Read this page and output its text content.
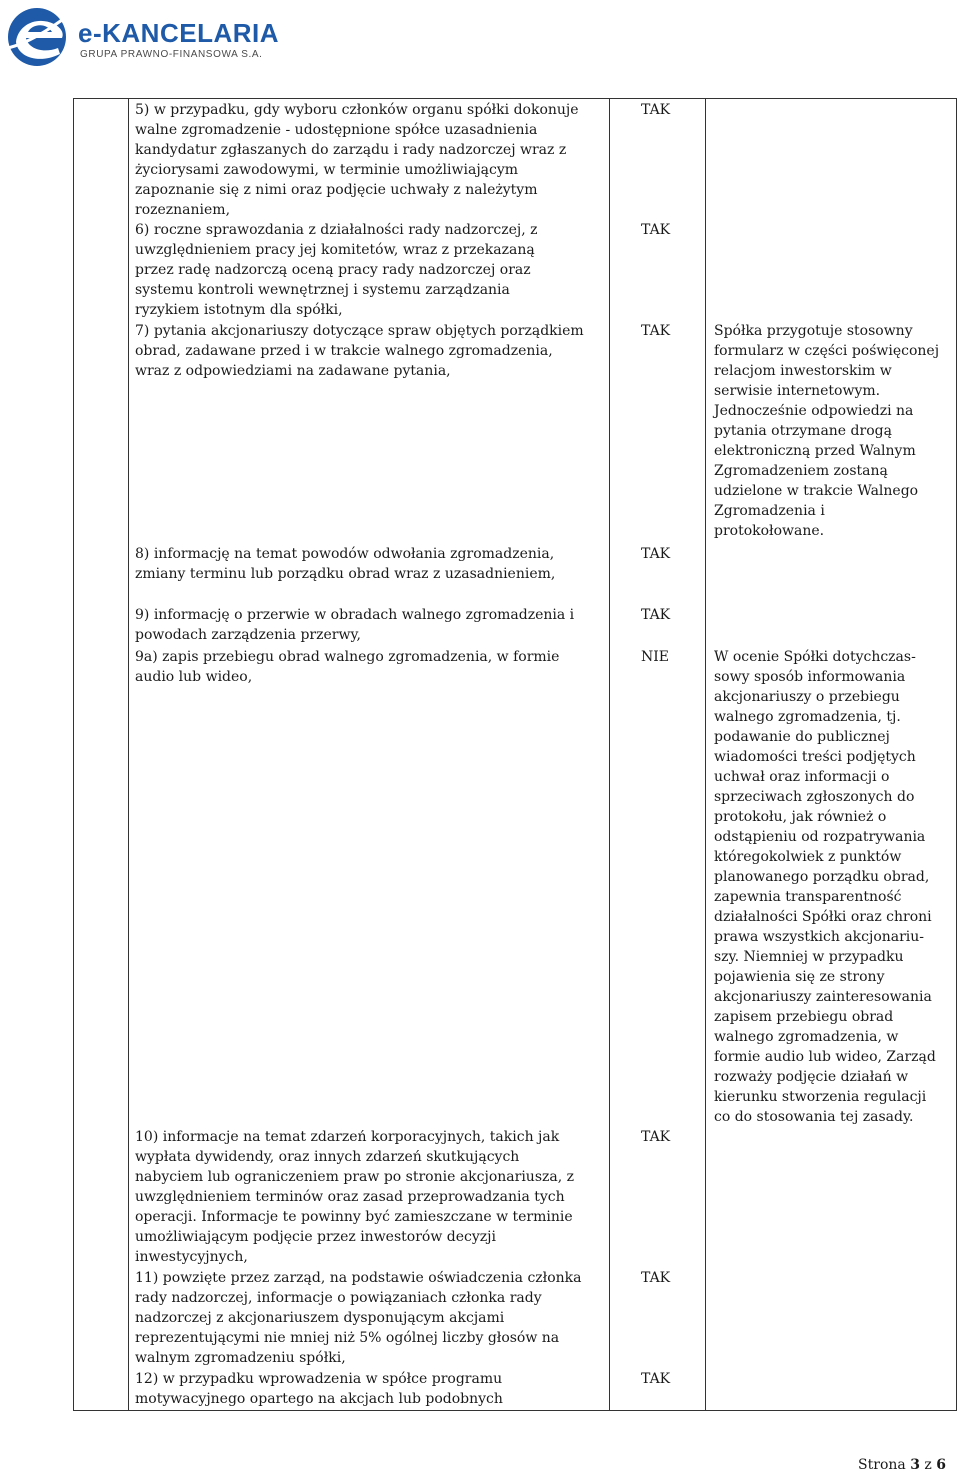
e-KANCELARIA
GRUPA PRAWNO-FINANSOWA S.A.
5) w przypadku, gdy wyboru członków organu spółki dokonuje
walne zgromadzenie - udostępnione spółce uzasadnienia
kandydatur zgłaszanych do zarządu i rady nadzorczej wraz z
życiorysami zawodowymi, w terminie umożliwiającym
zapoznanie się z nimi oraz podjęcie uchwały z należytym
rozeznaniem,
TAK
6) roczne sprawozdania z działalności rady nadzorczej, z
uwzględnieniem pracy jej komitetów, wraz z przekazaną
przez radę nadzorczą oceną pracy rady nadzorczej oraz
systemu kontroli wewnętrznej i systemu zarządzania
ryzykiem istotnym dla spółki,
TAK
7) pytania akcjonariuszy dotyczące spraw objętych porządkiem
obrad, zadawane przed i w trakcie walnego zgromadzenia,
wraz z odpowiedziami na zadawane pytania,
TAK	Spółka przygotuje stosowny
formularz w części poświęconej
relacjom inwestorskim w
serwisie internetowym.
Jednocześnie odpowiedzi na
pytania otrzymane drogą
elektroniczną przed Walnym
Zgromadzeniem zostaną
udzielone w trakcie Walnego
Zgromadzenia i
protokołowane.
8) informację na temat powodów odwołania zgromadzenia,
zmiany terminu lub porządku obrad wraz z uzasadnieniem,
TAK
9) informację o przerwie w obradach walnego zgromadzenia i
powodach zarządzenia przerwy,
TAK
9a) zapis przebiegu obrad walnego zgromadzenia, w formie
audio lub wideo,
NIE	W ocenie Spółki dotychczas-
sowy sposób informowania
akcjonariuszy o przebiegu
walnego zgromadzenia, tj.
podawanie do publicznej
wiadomości treści podjętych
uchwał oraz informacji o
sprzeciwach zgłoszonych do
protokołu, jak również o
odstąpieniu od rozpatrywania
któregokolwiek z punktów
planowanego porządku obrad,
zapewnia transparentność
działalności Spółki oraz chroni
prawa wszystkich akcjonariu-
szy. Niemniej w przypadku
pojawienia się ze strony
akcjonariuszy zainteresowania
zapisem przebiegu obrad
walnego zgromadzenia, w
formie audio lub wideo, Zarząd
rozważy podjęcie działań w
kierunku stworzenia regulacji
co do stosowania tej zasady.
10) informacje na temat zdarzeń korporacyjnych, takich jak
wypłata dywidendy, oraz innych zdarzeń skutkujących
nabyciem lub ograniczeniem praw po stronie akcjonariusza, z
uwzględnieniem terminów oraz zasad przeprowadzania tych
operacji. Informacje te powinny być zamieszczane w terminie
umożliwiającym podjęcie przez inwestorów decyzji
inwestycyjnych,
TAK
11) powzięte przez zarząd, na podstawie oświadczenia członka
rady nadzorczej, informacje o powiązaniach członka rady
nadzorczej z akcjonariuszem dysponującym akcjami
reprezentującymi nie mniej niż 5% ogólnej liczby głosów na
walnym zgromadzeniu spółki,
TAK
12) w przypadku wprowadzenia w spółce programu
motywacyjnego opartego na akcjach lub podobnych
TAK
Strona 3 z 6
